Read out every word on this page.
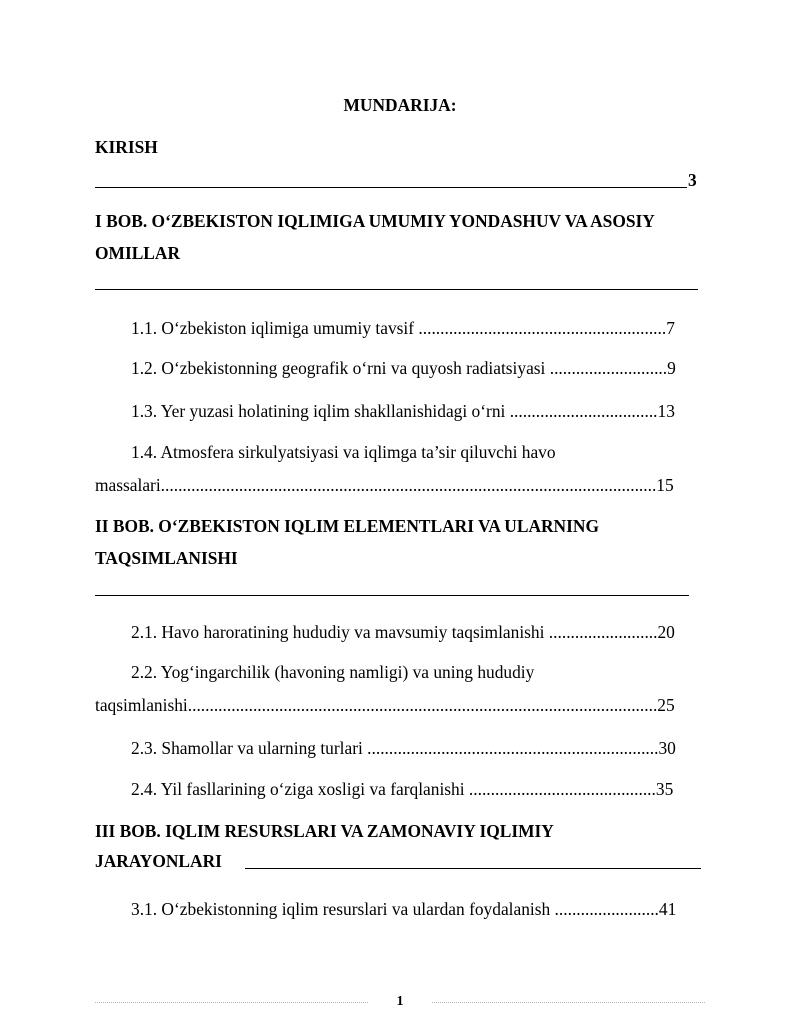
MUNDARIJA:
KIRISH
3
I BOB. O‘ZBEKISTON IQLIMIGA UMUMIY YONDASHUV VA ASOSIY
OMILLAR
1.1. O‘zbekiston iqlimiga umumiy tavsif .........................................................7
1.2. O‘zbekistonning geografik o‘rni va quyosh radiatsiyasi ...........................9
1.3. Yer yuzasi holatining iqlim shakllanishidagi o‘rni ..................................13
1.4. Atmosfera sirkulyatsiyasi va iqlimga ta’sir qiluvchi havo
massalari..................................................................................................................15
II BOB. O‘ZBEKISTON IQLIM ELEMENTLARI VA ULARNING
TAQSIMLANISHI
2.1. Havo haroratining hududiy va mavsumiy taqsimlanishi .........................20
2.2. Yog‘ingarchilik (havoning namligi) va uning hududiy
taqsimlanishi............................................................................................................25
2.3. Shamollar va ularning turlari ...................................................................30
2.4. Yil fasllarining o‘ziga xosligi va farqlanishi ...........................................35
III BOB. IQLIM RESURSLARI VA ZAMONAVIY IQLIMIY
JARAYONLARI
3.1. O‘zbekistonning iqlim resurslari va ulardan foydalanish ........................41
1
